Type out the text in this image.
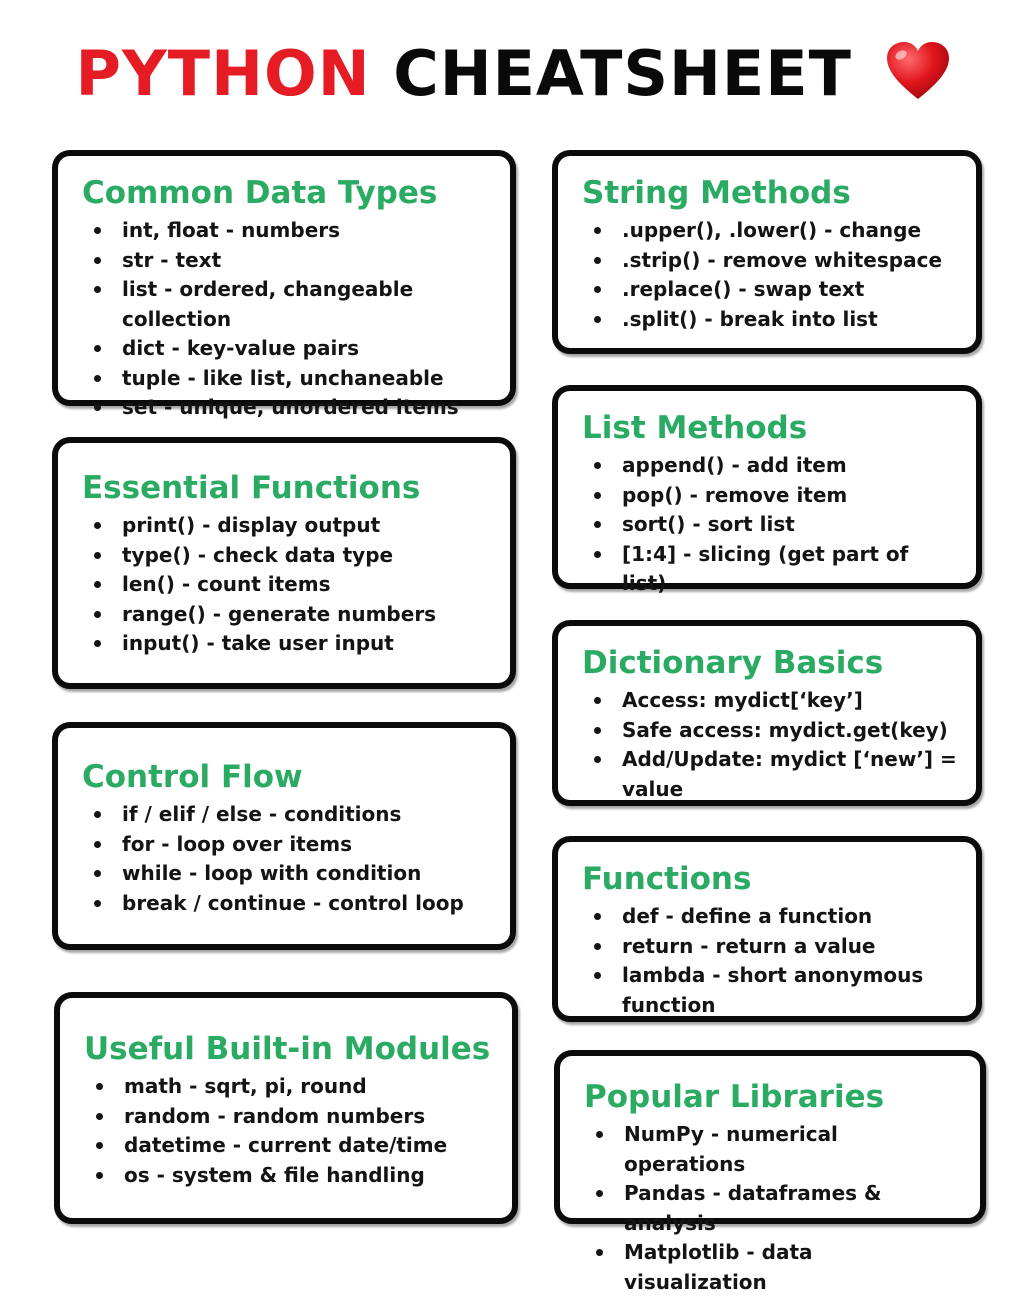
PYTHON CHEATSHEET
Common Data Types
int, float - numbers
str - text
list - ordered, changeable collection
dict - key-value pairs
tuple - like list, unchaneable
set - unique, unordered items
Essential Functions
print() - display output
type() - check data type
len() - count items
range() - generate numbers
input() - take user input
Control Flow
if / elif / else - conditions
for - loop over items
while - loop with condition
break / continue - control loop
Useful Built-in Modules
math - sqrt, pi, round
random - random numbers
datetime - current date/time
os - system & file handling
String Methods
.upper(), .lower() - change
.strip() - remove whitespace
.replace() - swap text
.split() - break into list
List Methods
append() - add item
pop() - remove item
sort() - sort list
[1:4] - slicing (get part of list)
Dictionary Basics
Access: mydict[‘key’]
Safe access: mydict.get(key)
Add/Update: mydict [‘new’] = value
Functions
def - define a function
return - return a value
lambda - short anonymous function
Popular Libraries
NumPy - numerical operations
Pandas - dataframes & analysis
Matplotlib - data visualization
